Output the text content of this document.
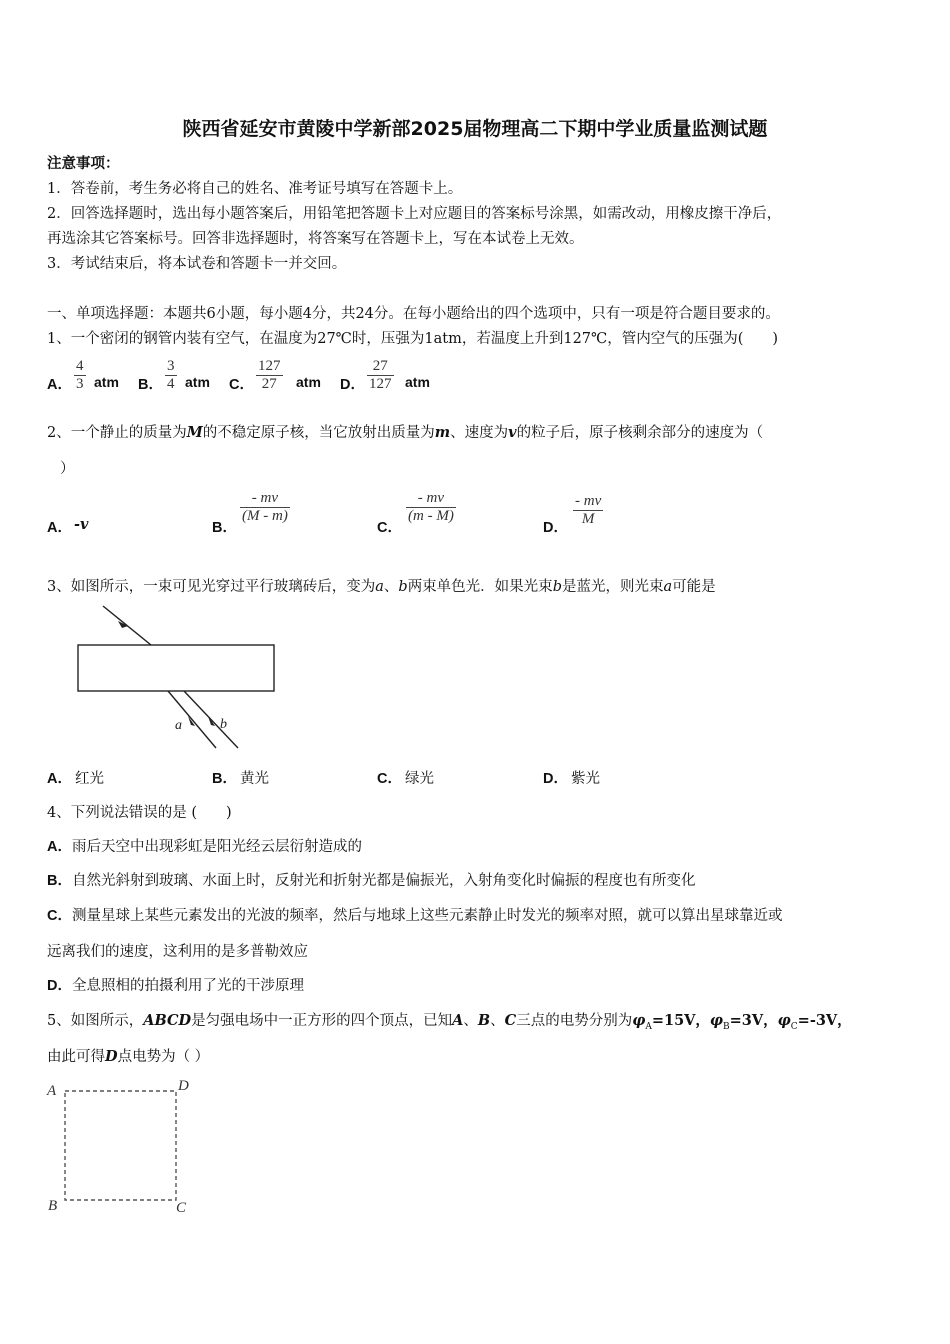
陕西省延安市黄陵中学新部2025届物理高二下期中学业质量监测试题
注意事项：
1．答卷前，考生务必将自己的姓名、准考证号填写在答题卡上。
2．回答选择题时，选出每小题答案后，用铅笔把答题卡上对应题目的答案标号涂黑，如需改动，用橡皮擦干净后，
再选涂其它答案标号。回答非选择题时，将答案写在答题卡上，写在本试卷上无效。
3．考试结束后，将本试卷和答题卡一并交回。
一、单项选择题：本题共6小题，每小题4分，共24分。在每小题给出的四个选项中，只有一项是符合题目要求的。
1、一个密闭的钢管内装有空气，在温度为27℃时，压强为1atm，若温度上升到127℃，管内空气的压强为(　　)
A． $\frac{4}{3}$ atm B． $\frac{3}{4}$ atm C． $\frac{127}{27}$ atm D． $\frac{27}{127}$ atm
2、一个静止的质量为M的不稳定原子核，当它放射出质量为m、速度为v的粒子后，原子核剩余部分的速度为（
）
A． -v	B．
$\frac{- mv}{(M - m)}$
C．
$\frac{- mv}{(m - M)}$
D． $\frac{- mv}{M}$
3、如图所示，一束可见光穿过平行玻璃砖后，变为a、b两束单色光．如果光束b是蓝光，则光束a可能是
a	b
A． 红光	B． 黄光	C． 绿光	D． 紫光
4、下列说法错误的是 (　　)
A．雨后天空中出现彩虹是阳光经云层衍射造成的
B．自然光斜射到玻璃、水面上时，反射光和折射光都是偏振光，入射角变化时偏振的程度也有所变化
C．测量星球上某些元素发出的光波的频率，然后与地球上这些元素静止时发光的频率对照，就可以算出星球靠近或
远离我们的速度，这利用的是多普勒效应
D．全息照相的拍摄利用了光的干涉原理
5、如图所示，ABCD是匀强电场中一正方形的四个顶点，已知A、B、C三点的电势分别为$\varphi_A=15V$，$\varphi_B=3V$，$\varphi_C=-3V$，
由此可得D点电势为（ ）
A	D
B	C
